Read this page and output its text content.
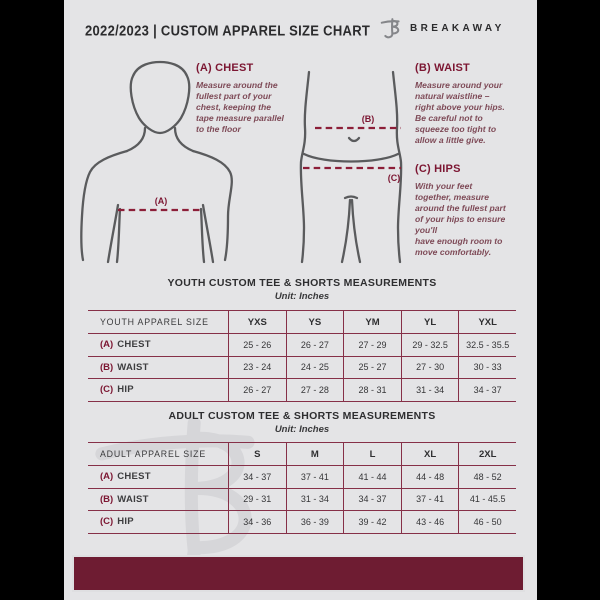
2022/2023 | CUSTOM APPAREL SIZE CHART	BREAKAWAY
(A)
(A) CHEST

Measure around the
fullest part of your
chest, keeping the
tape measure parallel
to the floor

(B)
(C)
(B) WAIST

Measure around your
natural waistline –
right above your hips.
Be careful not to
squeeze too tight to
allow a little give.

(C) HIPS

With your feet
together, measure
around the fullest part
of your hips to ensure
you'll
have enough room to
move comfortably.

YOUTH CUSTOM TEE & SHORTS MEASUREMENTS
Unit: Inches
YOUTH APPAREL SIZE	YXS	YS	YM	YL	YXL
(A) CHEST	25 - 26	26 - 27	27 - 29	29 - 32.5	32.5 - 35.5
(B) WAIST	23 - 24	24 - 25	25 - 27	27 - 30	30 - 33
(C) HIP	26 - 27	27 - 28	28 - 31	31 - 34	34 - 37
ADULT CUSTOM TEE & SHORTS MEASUREMENTS
Unit: Inches
ADULT APPAREL SIZE	S	M	L	XL	2XL
(A) CHEST	34 - 37	37 - 41	41 - 44	44 - 48	48 - 52
(B) WAIST	29 - 31	31 - 34	34 - 37	37 - 41	41 - 45.5
(C) HIP	34 - 36	36 - 39	39 - 42	43 - 46	46 - 50
